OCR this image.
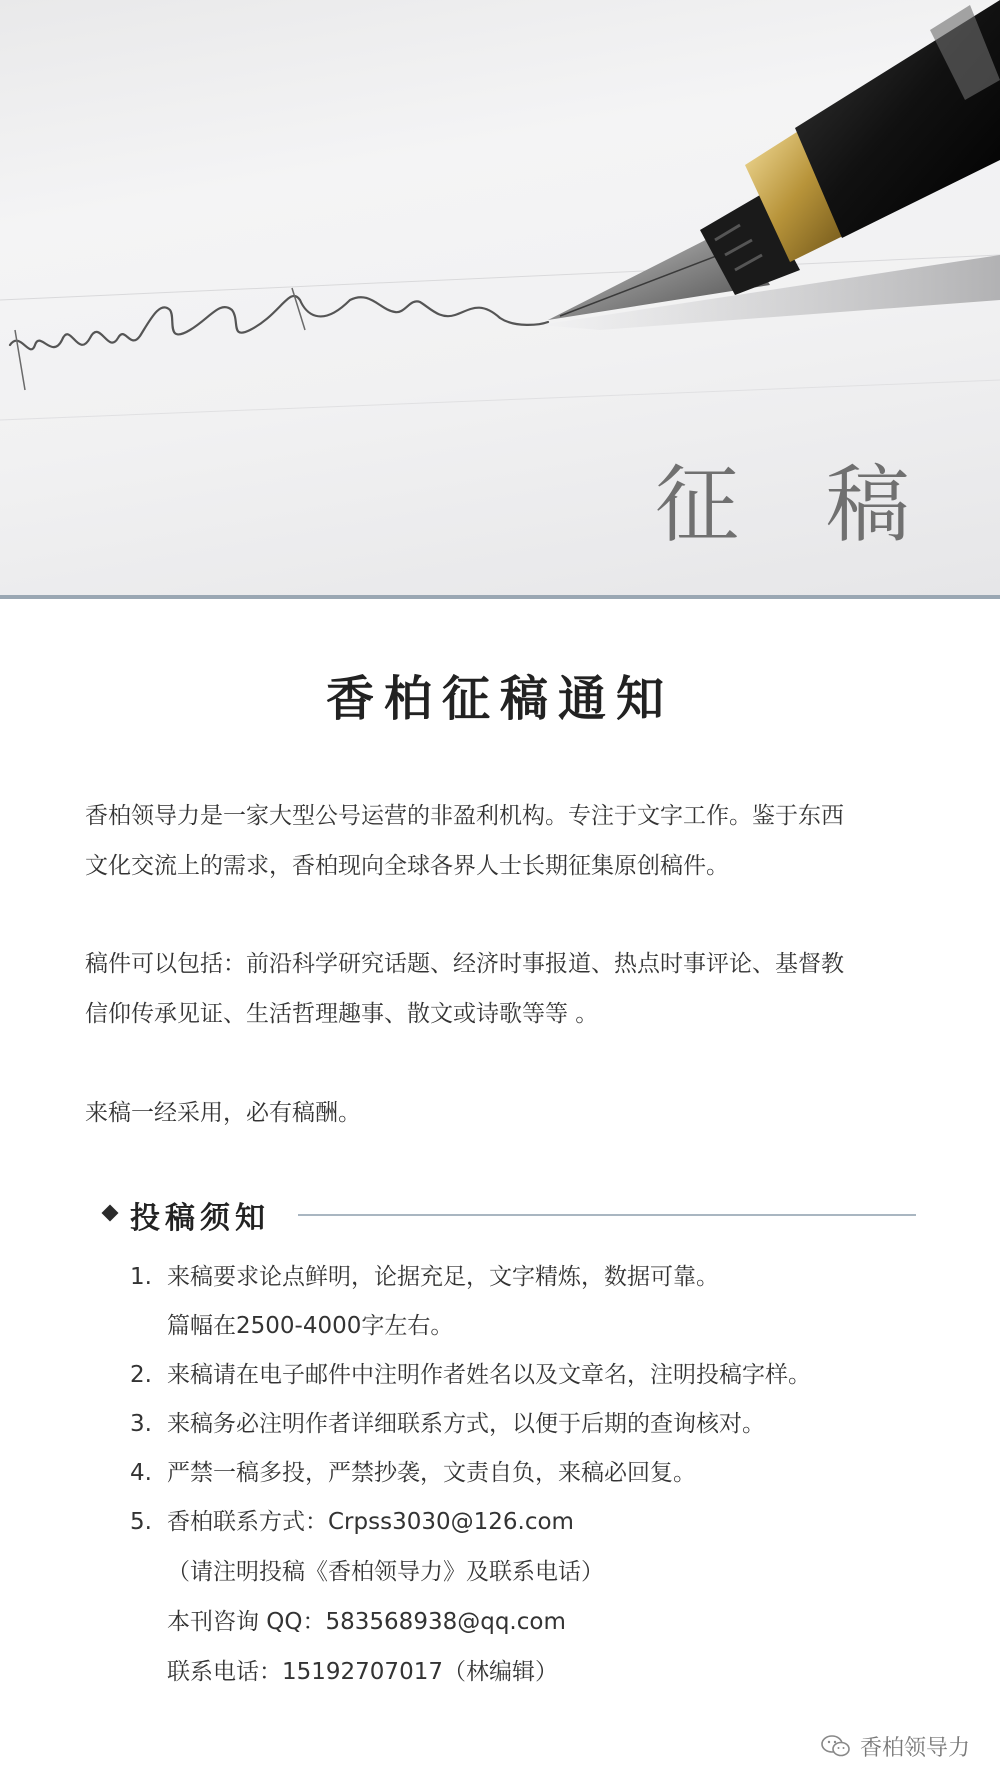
征 稿
香柏征稿通知
香柏领导力是一家大型公号运营的非盈利机构。专注于文字工作。鉴于东西
文化交流上的需求，香柏现向全球各界人士长期征集原创稿件。
稿件可以包括：前沿科学研究话题、经济时事报道、热点时事评论、基督教
信仰传承见证、生活哲理趣事、散文或诗歌等等 。
来稿一经采用，必有稿酬。
投稿须知
1. 来稿要求论点鲜明，论据充足，文字精炼，数据可靠。
篇幅在2500-4000字左右。
2. 来稿请在电子邮件中注明作者姓名以及文章名，注明投稿字样。
3. 来稿务必注明作者详细联系方式，以便于后期的查询核对。
4. 严禁一稿多投，严禁抄袭，文责自负，来稿必回复。
5. 香柏联系方式：Crpss3030@126.com
（请注明投稿《香柏领导力》及联系电话）
本刊咨询 QQ：583568938@qq.com
联系电话：15192707017（林编辑）
香柏领导力
